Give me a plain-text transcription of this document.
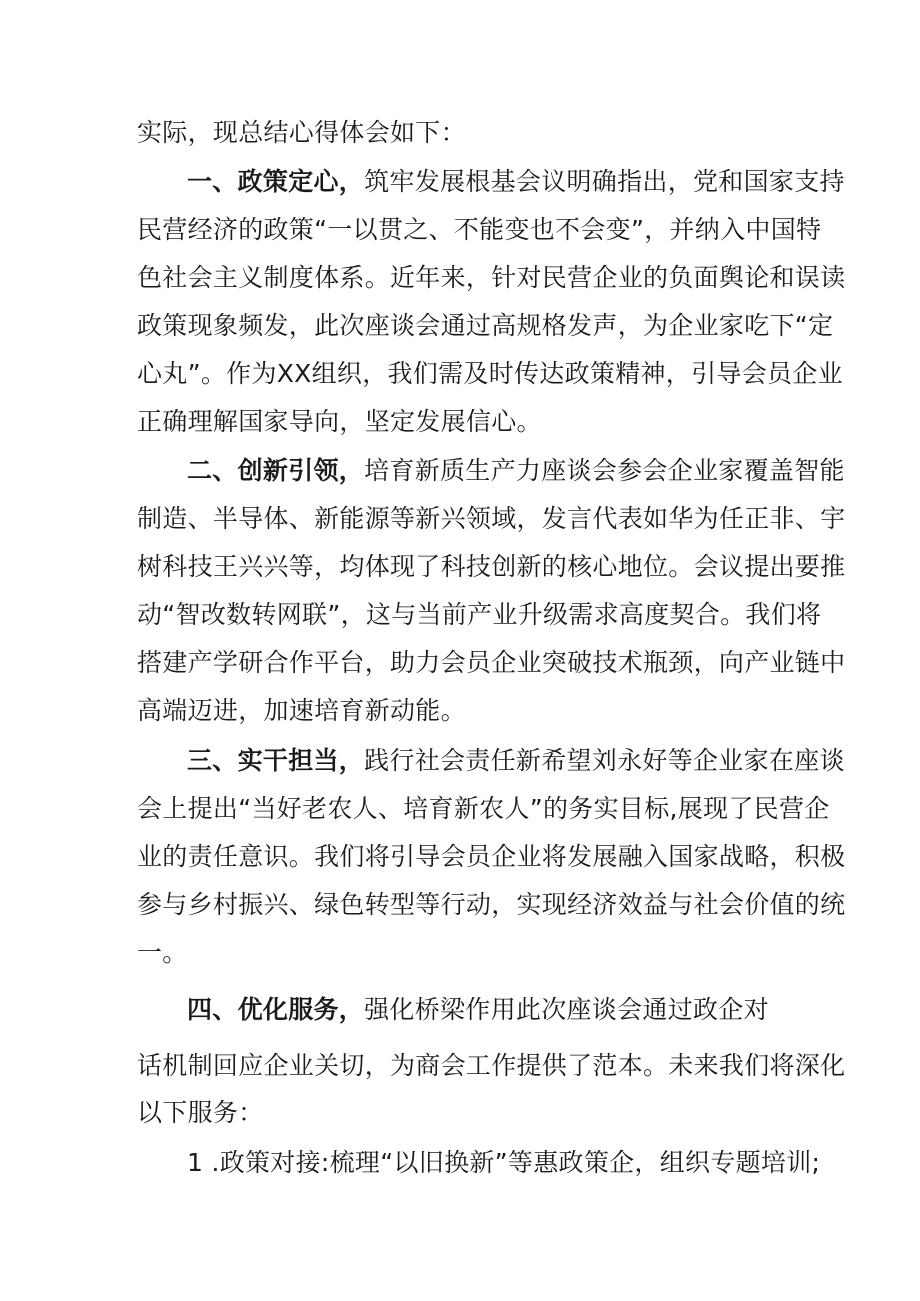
实际，现总结心得体会如下：
一、政策定心，筑牢发展根基会议明确指出，党和国家支持
民营经济的政策“一以贯之、不能变也不会变”，并纳入中国特
色社会主义制度体系。近年来，针对民营企业的负面舆论和误读
政策现象频发，此次座谈会通过高规格发声，为企业家吃下“定
心丸”。作为XX组织，我们需及时传达政策精神，引导会员企业
正确理解国家导向，坚定发展信心。
二、创新引领，培育新质生产力座谈会参会企业家覆盖智能
制造、半导体、新能源等新兴领域，发言代表如华为任正非、宇
树科技王兴兴等，均体现了科技创新的核心地位。会议提出要推
动“智改数转网联”，这与当前产业升级需求高度契合。我们将
搭建产学研合作平台，助力会员企业突破技术瓶颈，向产业链中
高端迈进，加速培育新动能。
三、实干担当，践行社会责任新希望刘永好等企业家在座谈
会上提出“当好老农人、培育新农人”的务实目标,展现了民营企
业的责任意识。我们将引导会员企业将发展融入国家战略，积极
参与乡村振兴、绿色转型等行动，实现经济效益与社会价值的统
一。
四、优化服务，强化桥梁作用此次座谈会通过政企对
话机制回应企业关切，为商会工作提供了范本。未来我们将深化
以下服务：
1 .政策对接:梳理“以旧换新”等惠政策企，组织专题培训;
